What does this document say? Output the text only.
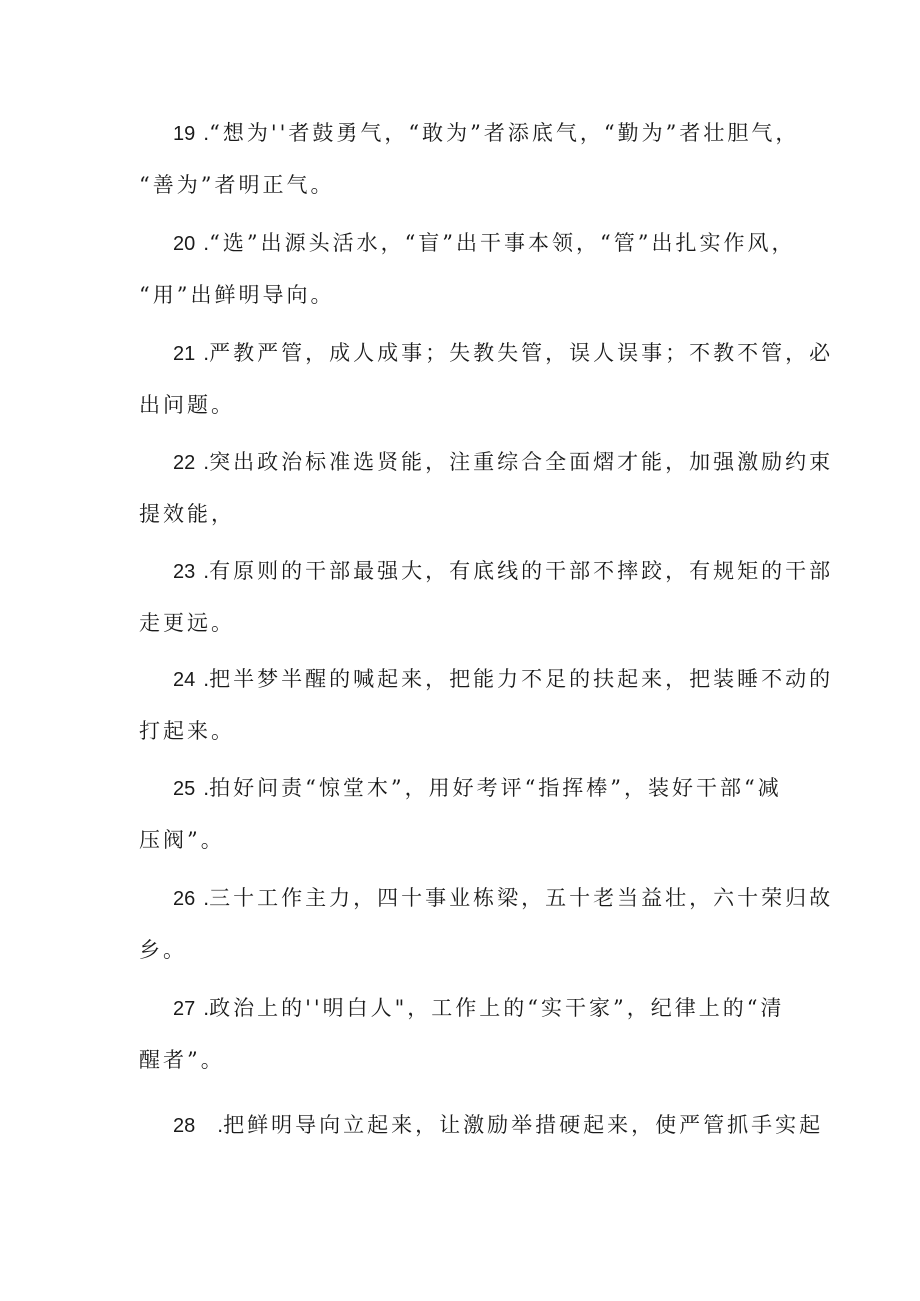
19 .“想为''者鼓勇气，“敢为”者添底气，“勤为”者壮胆气，
“善为”者明正气。
20 .“选”出源头活水，“盲”出干事本领，“管”出扎实作风，
“用”出鲜明导向。
21 .严教严管，成人成事；失教失管，误人误事；不教不管，必
出问题。
22 .突出政治标准选贤能，注重综合全面熠才能，加强激励约束
提效能，
23 .有原则的干部最强大，有底线的干部不摔跤，有规矩的干部
走更远。
24 .把半梦半醒的喊起来，把能力不足的扶起来，把装睡不动的
打起来。
25 .拍好问责“惊堂木”，用好考评“指挥棒”，装好干部“减
压阀”。
26 .三十工作主力，四十事业栋梁，五十老当益壮，六十荣归故
乡。
27 .政治上的''明白人"，工作上的“实干家”，纪律上的“清
醒者”。
28 .把鲜明导向立起来，让激励举措硬起来，使严管抓手实起
